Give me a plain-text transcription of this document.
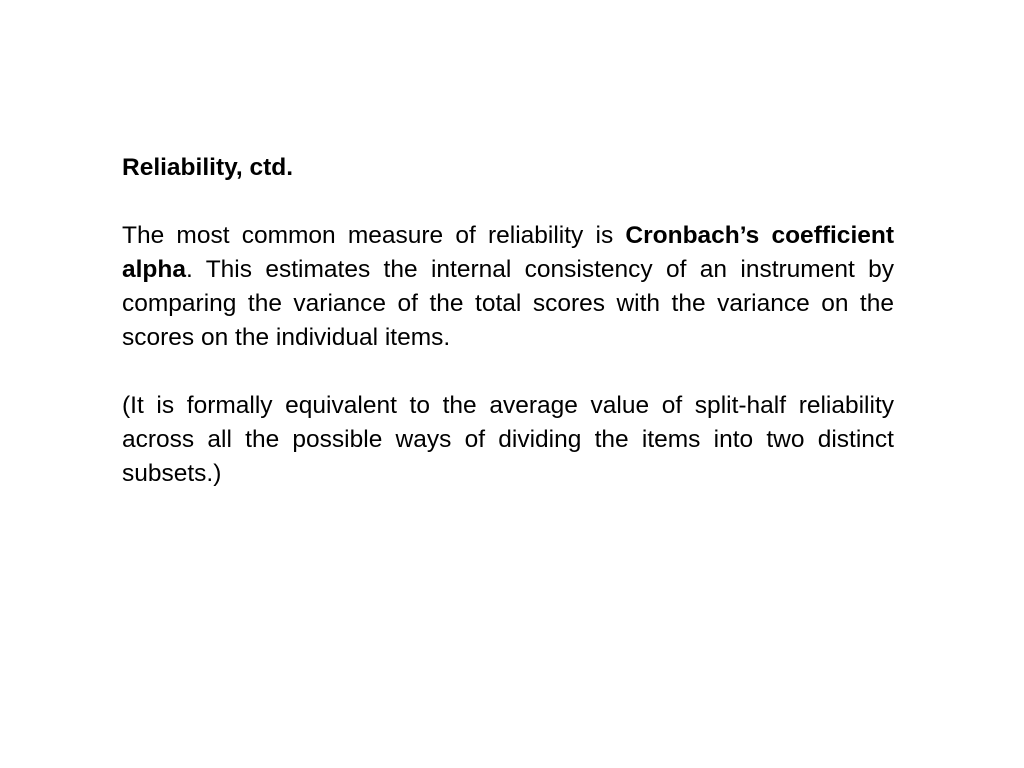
Reliability, ctd.
The most common measure of reliability is Cronbach’s coefficient alpha. This estimates the internal consistency of an instrument by comparing the variance of the total scores with the variance on the scores on the individual items.
(It is formally equivalent to the average value of split-half reliability across all the possible ways of dividing the items into two distinct subsets.)
